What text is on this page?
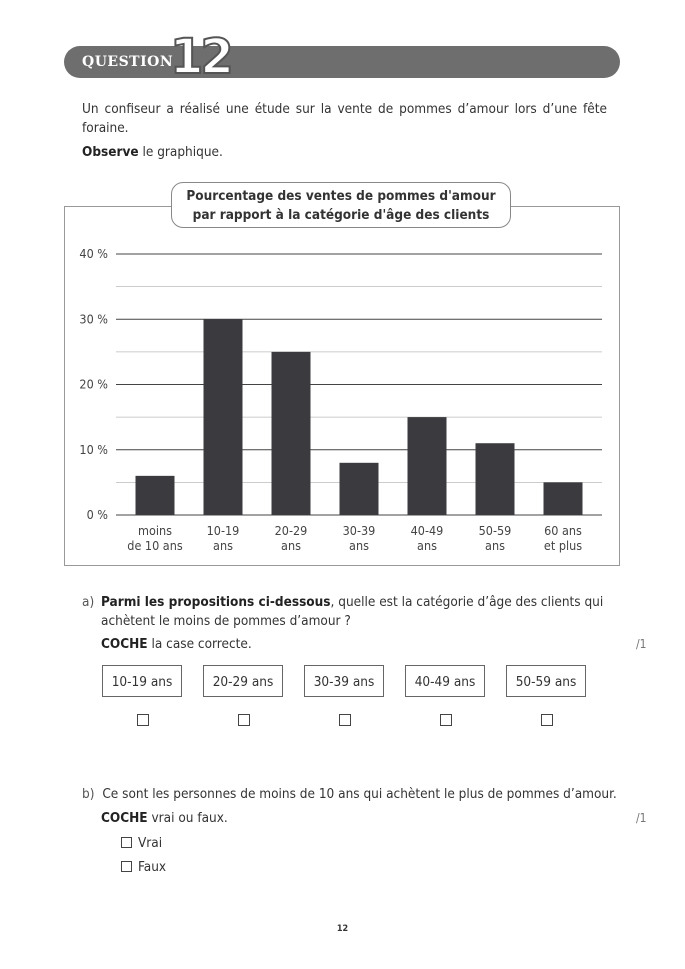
QUESTION
12
Un confiseur a réalisé une étude sur la vente de pommes d’amour lors d’une fête foraine.
Observe le graphique.
0 %
10 %
20 %
30 %
40 %
moins
de 10 ans
10-19
ans
20-29
ans
30-39
ans
40-49
ans
50-59
ans
60 ans
et plus
Pourcentage des ventes de pommes d'amour
par rapport à la catégorie d'âge des clients
a) Parmi les propositions ci-dessous, quelle est la catégorie d’âge des clients qui achètent le moins de pommes d’amour ?
COCHE la case correcte.	/1
10-19 ans	20-29 ans	30-39 ans	40-49 ans	50-59 ans
b) Ce sont les personnes de moins de 10 ans qui achètent le plus de pommes d’amour.
COCHE vrai ou faux.	/1
Vrai
Faux
12
